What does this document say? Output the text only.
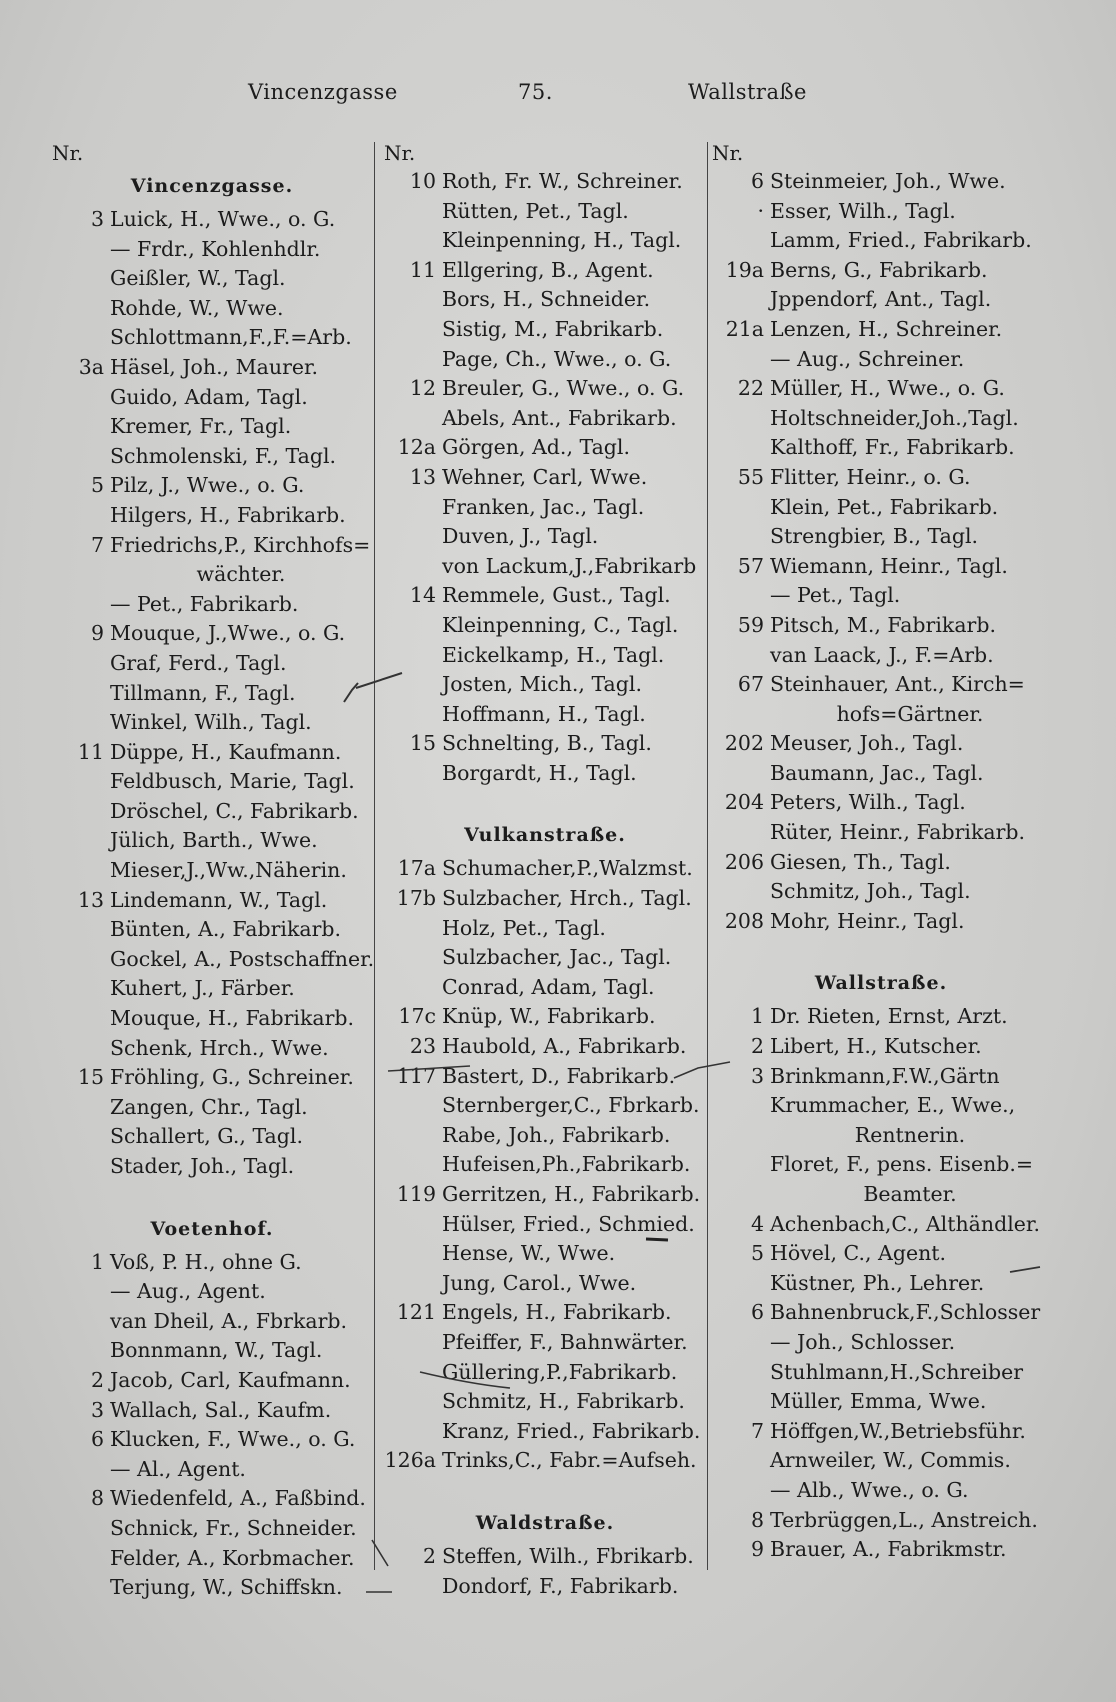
Vincenzgasse	75.	Wallstraße
Nr.
Vincenzgasse.
3 Luick, H., Wwe., o. G.
— Frdr., Kohlenhdlr.
Geißler, W., Tagl.
Rohde, W., Wwe.
Schlottmann,F.,F.=Arb.
3a Häsel, Joh., Maurer.
Guido, Adam, Tagl.
Kremer, Fr., Tagl.
Schmolenski, F., Tagl.
5 Pilz, J., Wwe., o. G.
Hilgers, H., Fabrikarb.
7 Friedrichs,P., Kirchhofs=
wächter.
— Pet., Fabrikarb.
9 Mouque, J.,Wwe., o. G.
Graf, Ferd., Tagl.
Tillmann, F., Tagl.
Winkel, Wilh., Tagl.
11 Düppe, H., Kaufmann.
Feldbusch, Marie, Tagl.
Dröschel, C., Fabrikarb.
Jülich, Barth., Wwe.
Mieser,J.,Ww.,Näherin.
13 Lindemann, W., Tagl.
Bünten, A., Fabrikarb.
Gockel, A., Postschaffner.
Kuhert, J., Färber.
Mouque, H., Fabrikarb.
Schenk, Hrch., Wwe.
15 Fröhling, G., Schreiner.
Zangen, Chr., Tagl.
Schallert, G., Tagl.
Stader, Joh., Tagl.
Voetenhof.
1 Voß, P. H., ohne G.
— Aug., Agent.
van Dheil, A., Fbrkarb.
Bonnmann, W., Tagl.
2 Jacob, Carl, Kaufmann.
3 Wallach, Sal., Kaufm.
6 Klucken, F., Wwe., o. G.
— Al., Agent.
8 Wiedenfeld, A., Faßbind.
Schnick, Fr., Schneider.
Felder, A., Korbmacher.
Terjung, W., Schiffskn.
Nr.
10 Roth, Fr. W., Schreiner.
Rütten, Pet., Tagl.
Kleinpenning, H., Tagl.
11 Ellgering, B., Agent.
Bors, H., Schneider.
Sistig, M., Fabrikarb.
Page, Ch., Wwe., o. G.
12 Breuler, G., Wwe., o. G.
Abels, Ant., Fabrikarb.
12a Görgen, Ad., Tagl.
13 Wehner, Carl, Wwe.
Franken, Jac., Tagl.
Duven, J., Tagl.
von Lackum,J.,Fabrikarb
14 Remmele, Gust., Tagl.
Kleinpenning, C., Tagl.
Eickelkamp, H., Tagl.
Josten, Mich., Tagl.
Hoffmann, H., Tagl.
15 Schnelting, B., Tagl.
Borgardt, H., Tagl.
Vulkanstraße.
17a Schumacher,P.,Walzmst.
17b Sulzbacher, Hrch., Tagl.
Holz, Pet., Tagl.
Sulzbacher, Jac., Tagl.
Conrad, Adam, Tagl.
17c Knüp, W., Fabrikarb.
23 Haubold, A., Fabrikarb.
117 Bastert, D., Fabrikarb.
Sternberger,C., Fbrkarb.
Rabe, Joh., Fabrikarb.
Hufeisen,Ph.,Fabrikarb.
119 Gerritzen, H., Fabrikarb.
Hülser, Fried., Schmied.
Hense, W., Wwe.
Jung, Carol., Wwe.
121 Engels, H., Fabrikarb.
Pfeiffer, F., Bahnwärter.
Güllering,P.,Fabrikarb.
Schmitz, H., Fabrikarb.
Kranz, Fried., Fabrikarb.
126a Trinks,C., Fabr.=Aufseh.
Waldstraße.
2 Steffen, Wilh., Fbrikarb.
Dondorf, F., Fabrikarb.
Nr.
6 Steinmeier, Joh., Wwe.
· Esser, Wilh., Tagl.
Lamm, Fried., Fabrikarb.
19a Berns, G., Fabrikarb.
Jppendorf, Ant., Tagl.
21a Lenzen, H., Schreiner.
— Aug., Schreiner.
22 Müller, H., Wwe., o. G.
Holtschneider,Joh.,Tagl.
Kalthoff, Fr., Fabrikarb.
55 Flitter, Heinr., o. G.
Klein, Pet., Fabrikarb.
Strengbier, B., Tagl.
57 Wiemann, Heinr., Tagl.
— Pet., Tagl.
59 Pitsch, M., Fabrikarb.
van Laack, J., F.=Arb.
67 Steinhauer, Ant., Kirch=
hofs=Gärtner.
202 Meuser, Joh., Tagl.
Baumann, Jac., Tagl.
204 Peters, Wilh., Tagl.
Rüter, Heinr., Fabrikarb.
206 Giesen, Th., Tagl.
Schmitz, Joh., Tagl.
208 Mohr, Heinr., Tagl.
Wallstraße.
1 Dr. Rieten, Ernst, Arzt.
2 Libert, H., Kutscher.
3 Brinkmann,F.W.,Gärtn
Krummacher, E., Wwe.,
Rentnerin.
Floret, F., pens. Eisenb.=
Beamter.
4 Achenbach,C., Althändler.
5 Hövel, C., Agent.
Küstner, Ph., Lehrer.
6 Bahnenbruck,F.,Schlosser
— Joh., Schlosser.
Stuhlmann,H.,Schreiber
Müller, Emma, Wwe.
7 Höffgen,W.,Betriebsführ.
Arnweiler, W., Commis.
— Alb., Wwe., o. G.
8 Terbrüggen,L., Anstreich.
9 Brauer, A., Fabrikmstr.
